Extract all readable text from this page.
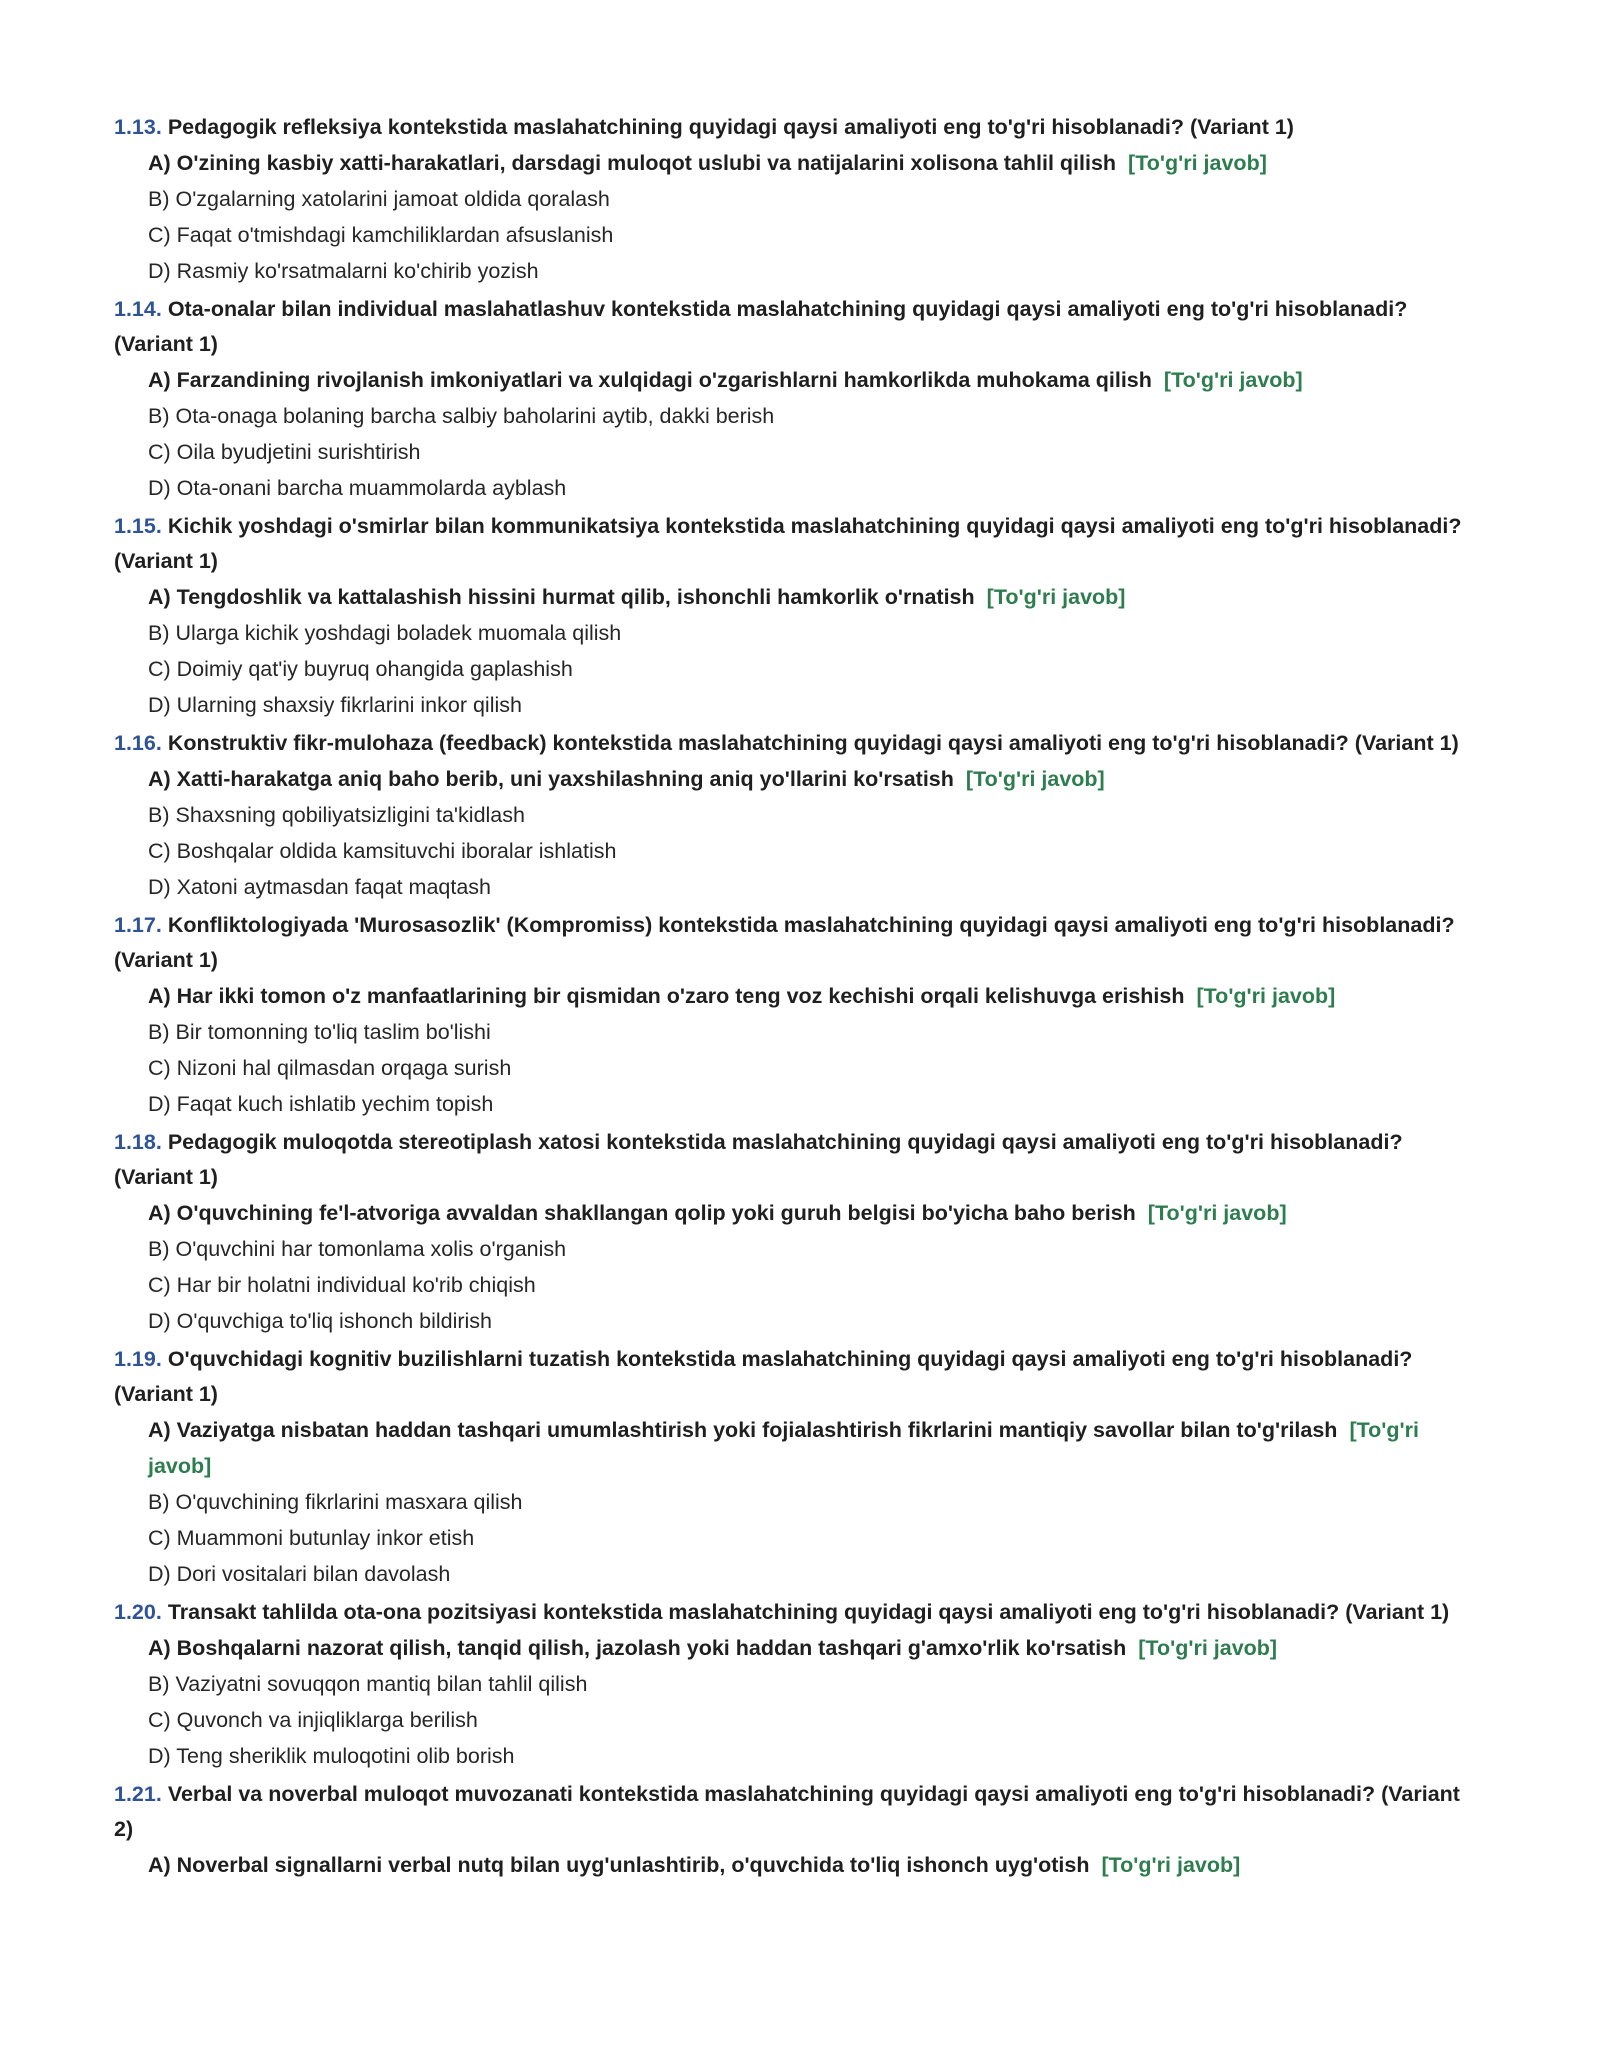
1.13. Pedagogik refleksiya kontekstida maslahatchining quyidagi qaysi amaliyoti eng to'g'ri hisoblanadi? (Variant 1)
A) O'zining kasbiy xatti-harakatlari, darsdagi muloqot uslubi va natijalarini xolisona tahlil qilish [To'g'ri javob]
B) O'zgalarning xatolarini jamoat oldida qoralash
C) Faqat o'tmishdagi kamchiliklardan afsuslanish
D) Rasmiy ko'rsatmalarni ko'chirib yozish
1.14. Ota-onalar bilan individual maslahatlashuv kontekstida maslahatchining quyidagi qaysi amaliyoti eng to'g'ri hisoblanadi? (Variant 1)
A) Farzandining rivojlanish imkoniyatlari va xulqidagi o'zgarishlarni hamkorlikda muhokama qilish [To'g'ri javob]
B) Ota-onaga bolaning barcha salbiy baholarini aytib, dakki berish
C) Oila byudjetini surishtirish
D) Ota-onani barcha muammolarda ayblash
1.15. Kichik yoshdagi o'smirlar bilan kommunikatsiya kontekstida maslahatchining quyidagi qaysi amaliyoti eng to'g'ri hisoblanadi? (Variant 1)
A) Tengdoshlik va kattalashish hissini hurmat qilib, ishonchli hamkorlik o'rnatish [To'g'ri javob]
B) Ularga kichik yoshdagi boladek muomala qilish
C) Doimiy qat'iy buyruq ohangida gaplashish
D) Ularning shaxsiy fikrlarini inkor qilish
1.16. Konstruktiv fikr-mulohaza (feedback) kontekstida maslahatchining quyidagi qaysi amaliyoti eng to'g'ri hisoblanadi? (Variant 1)
A) Xatti-harakatga aniq baho berib, uni yaxshilashning aniq yo'llarini ko'rsatish [To'g'ri javob]
B) Shaxsning qobiliyatsizligini ta'kidlash
C) Boshqalar oldida kamsituvchi iboralar ishlatish
D) Xatoni aytmasdan faqat maqtash
1.17. Konfliktologiyada 'Murosasozlik' (Kompromiss) kontekstida maslahatchining quyidagi qaysi amaliyoti eng to'g'ri hisoblanadi? (Variant 1)
A) Har ikki tomon o'z manfaatlarining bir qismidan o'zaro teng voz kechishi orqali kelishuvga erishish [To'g'ri javob]
B) Bir tomonning to'liq taslim bo'lishi
C) Nizoni hal qilmasdan orqaga surish
D) Faqat kuch ishlatib yechim topish
1.18. Pedagogik muloqotda stereotiplash xatosi kontekstida maslahatchining quyidagi qaysi amaliyoti eng to'g'ri hisoblanadi? (Variant 1)
A) O'quvchining fe'l-atvoriga avvaldan shakllangan qolip yoki guruh belgisi bo'yicha baho berish [To'g'ri javob]
B) O'quvchini har tomonlama xolis o'rganish
C) Har bir holatni individual ko'rib chiqish
D) O'quvchiga to'liq ishonch bildirish
1.19. O'quvchidagi kognitiv buzilishlarni tuzatish kontekstida maslahatchining quyidagi qaysi amaliyoti eng to'g'ri hisoblanadi? (Variant 1)
A) Vaziyatga nisbatan haddan tashqari umumlashtirish yoki fojialashtirish fikrlarini mantiqiy savollar bilan to'g'rilash [To'g'ri javob]
B) O'quvchining fikrlarini masxara qilish
C) Muammoni butunlay inkor etish
D) Dori vositalari bilan davolash
1.20. Transakt tahlilda ota-ona pozitsiyasi kontekstida maslahatchining quyidagi qaysi amaliyoti eng to'g'ri hisoblanadi? (Variant 1)
A) Boshqalarni nazorat qilish, tanqid qilish, jazolash yoki haddan tashqari g'amxo'rlik ko'rsatish [To'g'ri javob]
B) Vaziyatni sovuqqon mantiq bilan tahlil qilish
C) Quvonch va injiqliklarga berilish
D) Teng sheriklik muloqotini olib borish
1.21. Verbal va noverbal muloqot muvozanati kontekstida maslahatchining quyidagi qaysi amaliyoti eng to'g'ri hisoblanadi? (Variant 2)
A) Noverbal signallarni verbal nutq bilan uyg'unlashtirib, o'quvchida to'liq ishonch uyg'otish [To'g'ri javob]
